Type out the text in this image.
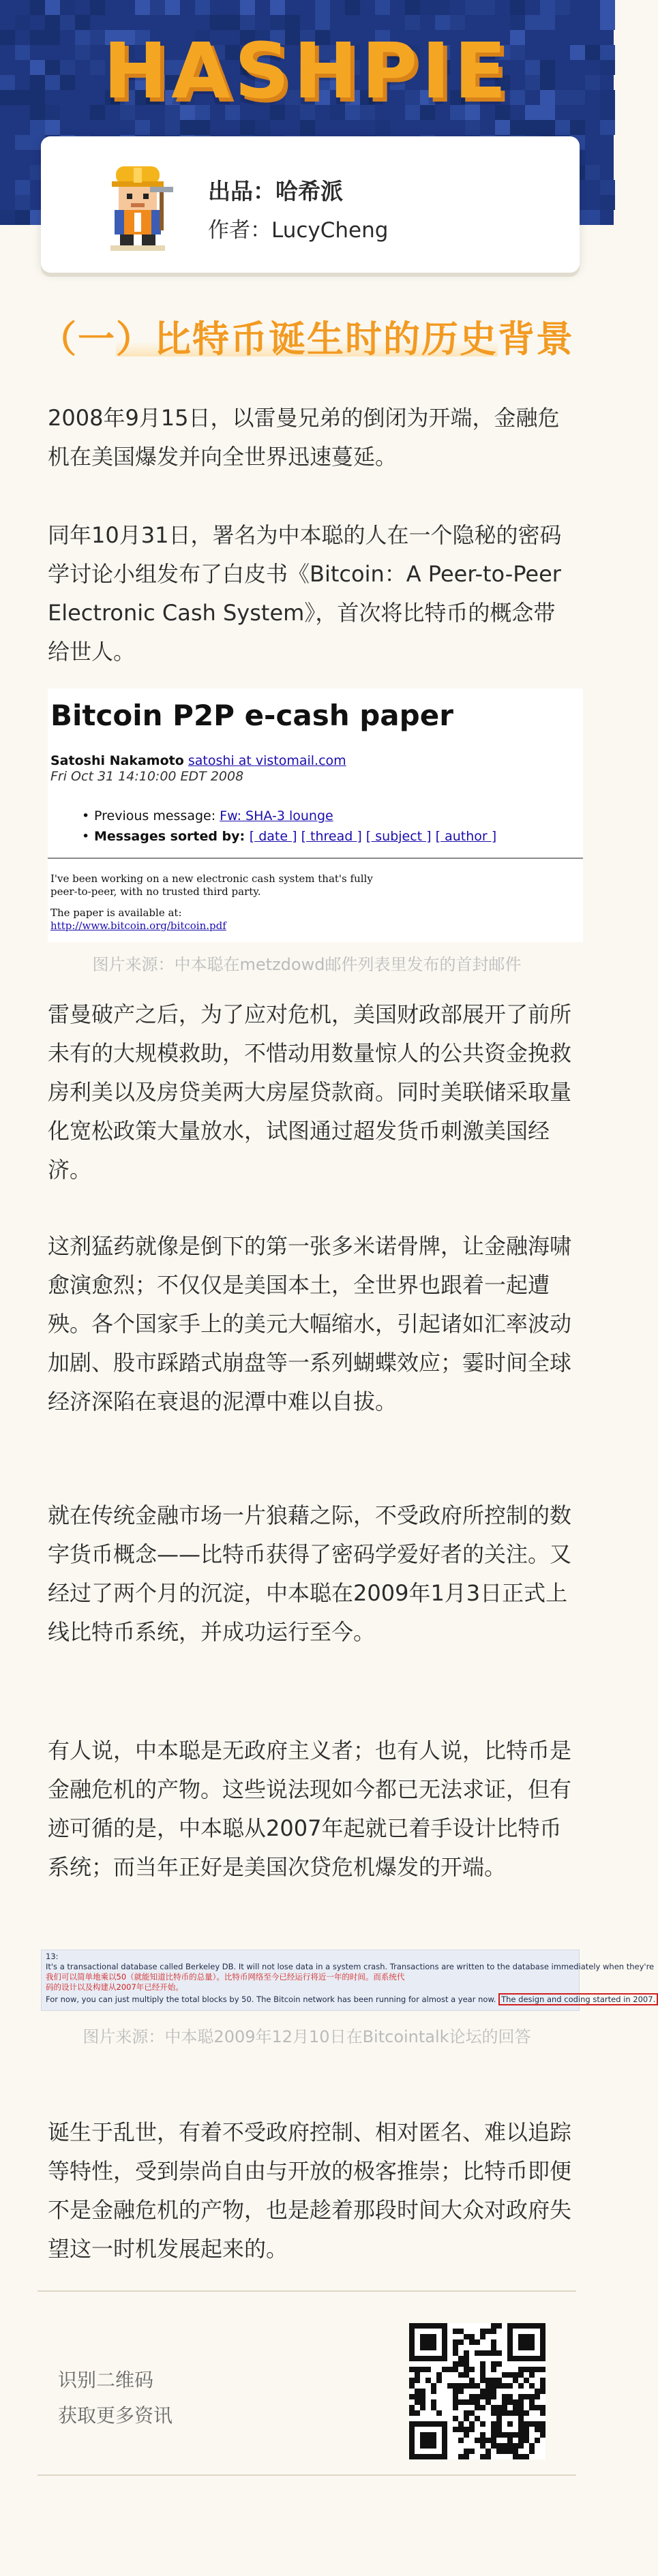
HASHPIE
出品：哈希派
作者：LucyCheng
（一）比特币诞生时的历史背景

2008年9月15日，以雷曼兄弟的倒闭为开端，金融危机在美国爆发并向全世界迅速蔓延。

同年10月31日，署名为中本聪的人在一个隐秘的密码学讨论小组发布了白皮书《Bitcoin：A Peer-to-Peer Electronic Cash System》，首次将比特币的概念带给世人。

Bitcoin P2P e-cash paper
Satoshi Nakamoto satoshi at vistomail.com
Fri Oct 31 14:10:00 EDT 2008
• Previous message: Fw: SHA-3 lounge
• Messages sorted by: [ date ] [ thread ] [ subject ] [ author ]
I've been working on a new electronic cash system that's fully
peer-to-peer, with no trusted third party.
The paper is available at:
http://www.bitcoin.org/bitcoin.pdf
图片来源：中本聪在metzdowd邮件列表里发布的首封邮件

雷曼破产之后，为了应对危机，美国财政部展开了前所未有的大规模救助，不惜动用数量惊人的公共资金挽救房利美以及房贷美两大房屋贷款商。同时美联储采取量化宽松政策大量放水，试图通过超发货币刺激美国经济。

这剂猛药就像是倒下的第一张多米诺骨牌，让金融海啸愈演愈烈；不仅仅是美国本土，全世界也跟着一起遭殃。各个国家手上的美元大幅缩水，引起诸如汇率波动加剧、股市踩踏式崩盘等一系列蝴蝶效应；霎时间全球经济深陷在衰退的泥潭中难以自拔。

就在传统金融市场一片狼藉之际，不受政府所控制的数字货币概念——比特币获得了密码学爱好者的关注。又经过了两个月的沉淀，中本聪在2009年1月3日正式上线比特币系统，并成功运行至今。

有人说，中本聪是无政府主义者；也有人说，比特币是金融危机的产物。这些说法现如今都已无法求证，但有迹可循的是，中本聪从2007年起就已着手设计比特币系统；而当年正好是美国次贷危机爆发的开端。

13:
It's a transactional database called Berkeley DB. It will not lose data in a system crash. Transactions are written to the database immediately when they're
我们可以简单地乘以50（就能知道比特币的总量）。比特币网络至今已经运行将近一年的时间。而系统代
码的设计以及构建从2007年已经开始。
For now, you can just multiply the total blocks by 50. The Bitcoin network has been running for almost a year now. The design and coding started in 2007.
图片来源：中本聪2009年12月10日在Bitcointalk论坛的回答

诞生于乱世，有着不受政府控制、相对匿名、难以追踪等特性，受到崇尚自由与开放的极客推崇；比特币即便不是金融危机的产物，也是趁着那段时间大众对政府失望这一时机发展起来的。

识别二维码
获取更多资讯
